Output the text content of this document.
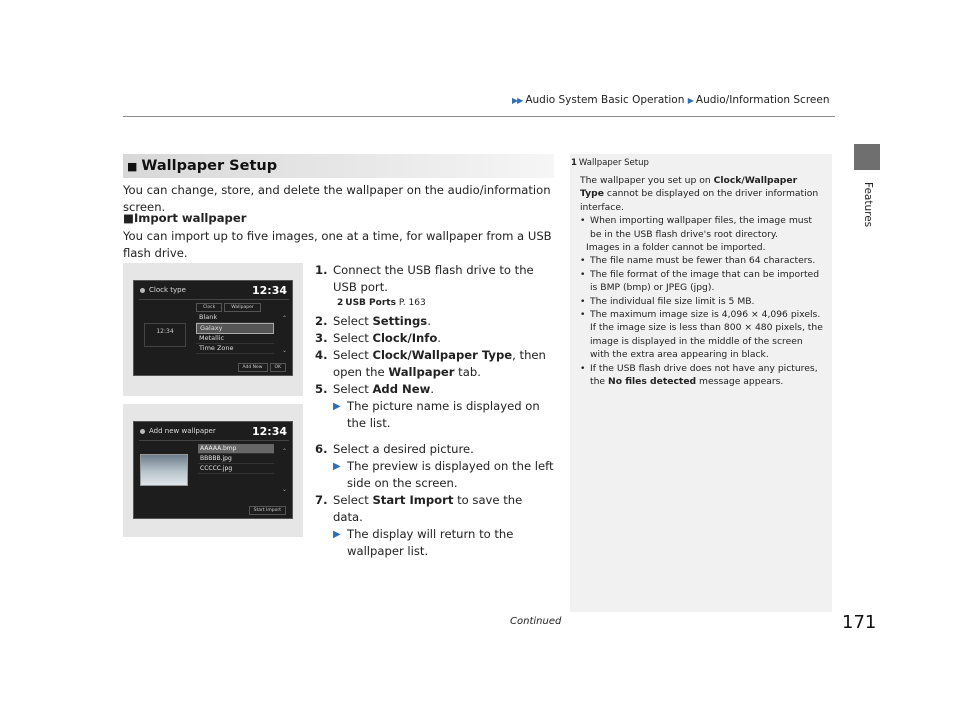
▶▶ Audio System Basic Operation ▶ Audio/Information Screen
Features
■ Wallpaper Setup
You can change, store, and delete the wallpaper on the audio/information screen.
■Import wallpaper
You can import up to five images, one at a time, for wallpaper from a USB flash drive.
Clock type	12:34
Clock	Wallpaper
Blank
Galaxy
Metallic
Time Zone
⌃
⌄
12:34
Add New	OK
Add new wallpaper	12:34
AAAAA.bmp
BBBBB.jpg
CCCCC.jpg
⌃
⌄
Start Import
1. Connect the USB flash drive to the USB port.
2 USB Ports P. 163
2. Select Settings.
3. Select Clock/Info.
4. Select Clock/Wallpaper Type, then open the Wallpaper tab.
5. Select Add New.
▶ The picture name is displayed on the list.
6. Select a desired picture.
▶ The preview is displayed on the left side on the screen.
7. Select Start Import to save the data.
▶ The display will return to the wallpaper list.
1 Wallpaper Setup
The wallpaper you set up on Clock/Wallpaper Type cannot be displayed on the driver information interface.
• When importing wallpaper files, the image must be in the USB flash drive's root directory.
Images in a folder cannot be imported.
• The file name must be fewer than 64 characters.
• The file format of the image that can be imported is BMP (bmp) or JPEG (jpg).
• The individual file size limit is 5 MB.
• The maximum image size is 4,096 × 4,096 pixels. If the image size is less than 800 × 480 pixels, the image is displayed in the middle of the screen with the extra area appearing in black.
• If the USB flash drive does not have any pictures, the No files detected message appears.
Continued	171
